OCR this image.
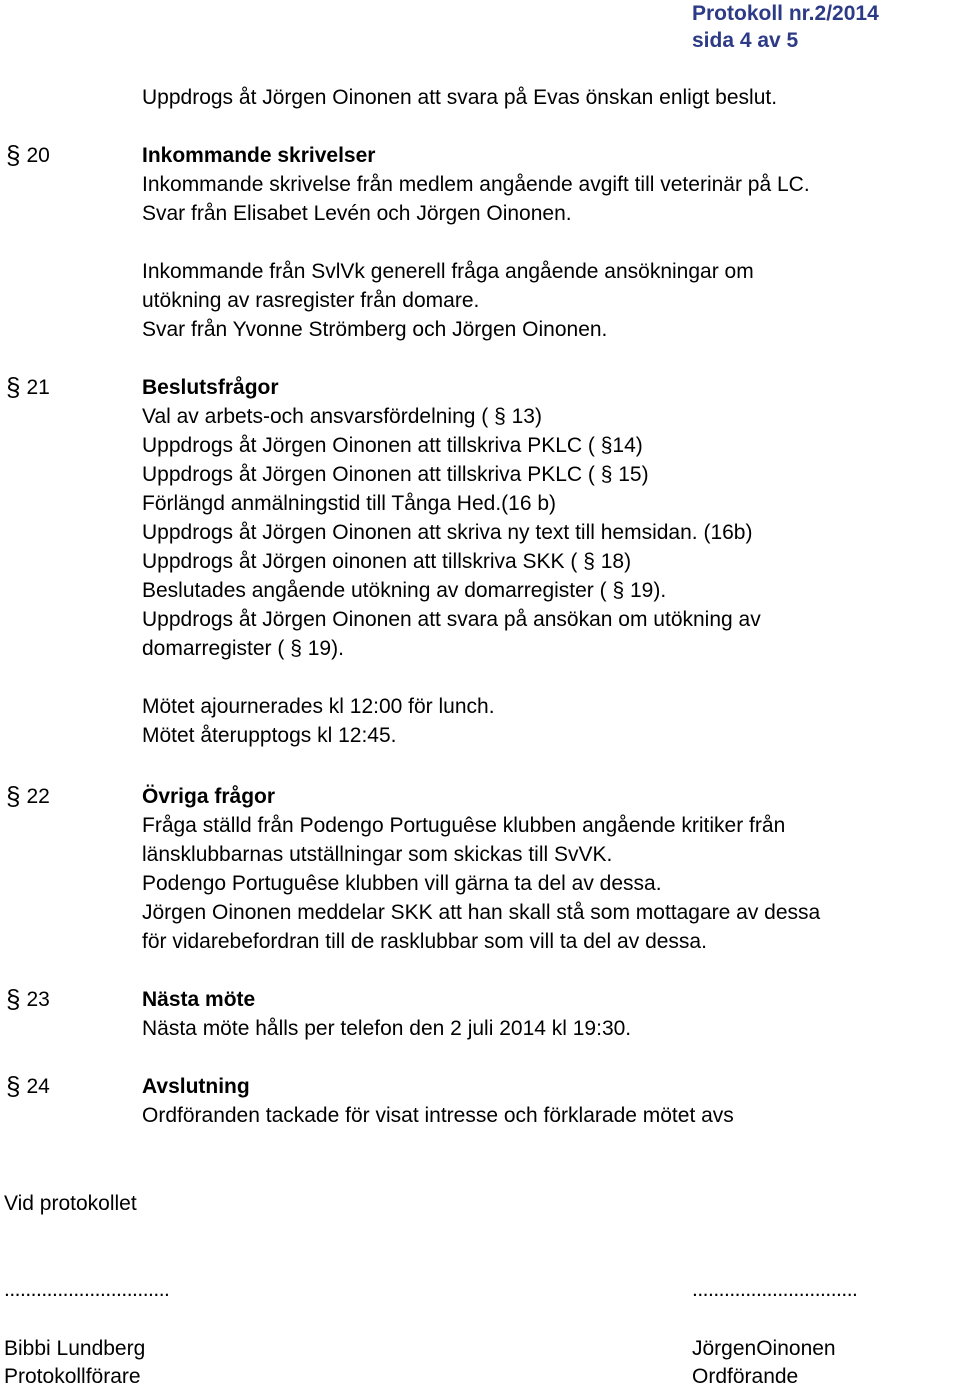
Protokoll nr.2/2014
sida 4 av 5
Uppdrogs åt Jörgen Oinonen att svara på Evas önskan enligt beslut.
§ 20	Inkommande skrivelser
Inkommande skrivelse från medlem angående avgift till veterinär på LC.
Svar från Elisabet Levén och Jörgen Oinonen.
Inkommande från SvlVk generell fråga angående ansökningar om
utökning av rasregister från domare.
Svar från Yvonne Strömberg och Jörgen Oinonen.
§ 21	Beslutsfrågor
Val av arbets-och ansvarsfördelning ( § 13)
Uppdrogs åt Jörgen Oinonen att tillskriva PKLC ( §14)
Uppdrogs åt Jörgen Oinonen att tillskriva PKLC ( § 15)
Förlängd anmälningstid till Tånga Hed.(16 b)
Uppdrogs åt Jörgen Oinonen att skriva ny text till hemsidan. (16b)
Uppdrogs åt Jörgen oinonen att tillskriva SKK ( § 18)
Beslutades angående utökning av domarregister ( § 19).
Uppdrogs åt Jörgen Oinonen att svara på ansökan om utökning av
domarregister ( § 19).
Mötet ajournerades kl 12:00 för lunch.
Mötet återupptogs kl 12:45.
§ 22	Övriga frågor
Fråga ställd från Podengo Portuguêse klubben angående kritiker från
länsklubbarnas utställningar som skickas till SvVK.
Podengo Portuguêse klubben vill gärna ta del av dessa.
Jörgen Oinonen meddelar SKK att han skall stå som mottagare av dessa
för vidarebefordran till de rasklubbar som vill ta del av dessa.
§ 23	Nästa möte
Nästa möte hålls per telefon den 2 juli 2014 kl 19:30.
§ 24	Avslutning
Ordföranden tackade för visat intresse och förklarade mötet avs
Vid protokollet
...............................	...............................
Bibbi Lundberg
Protokollförare
JörgenOinonen
Ordförande
